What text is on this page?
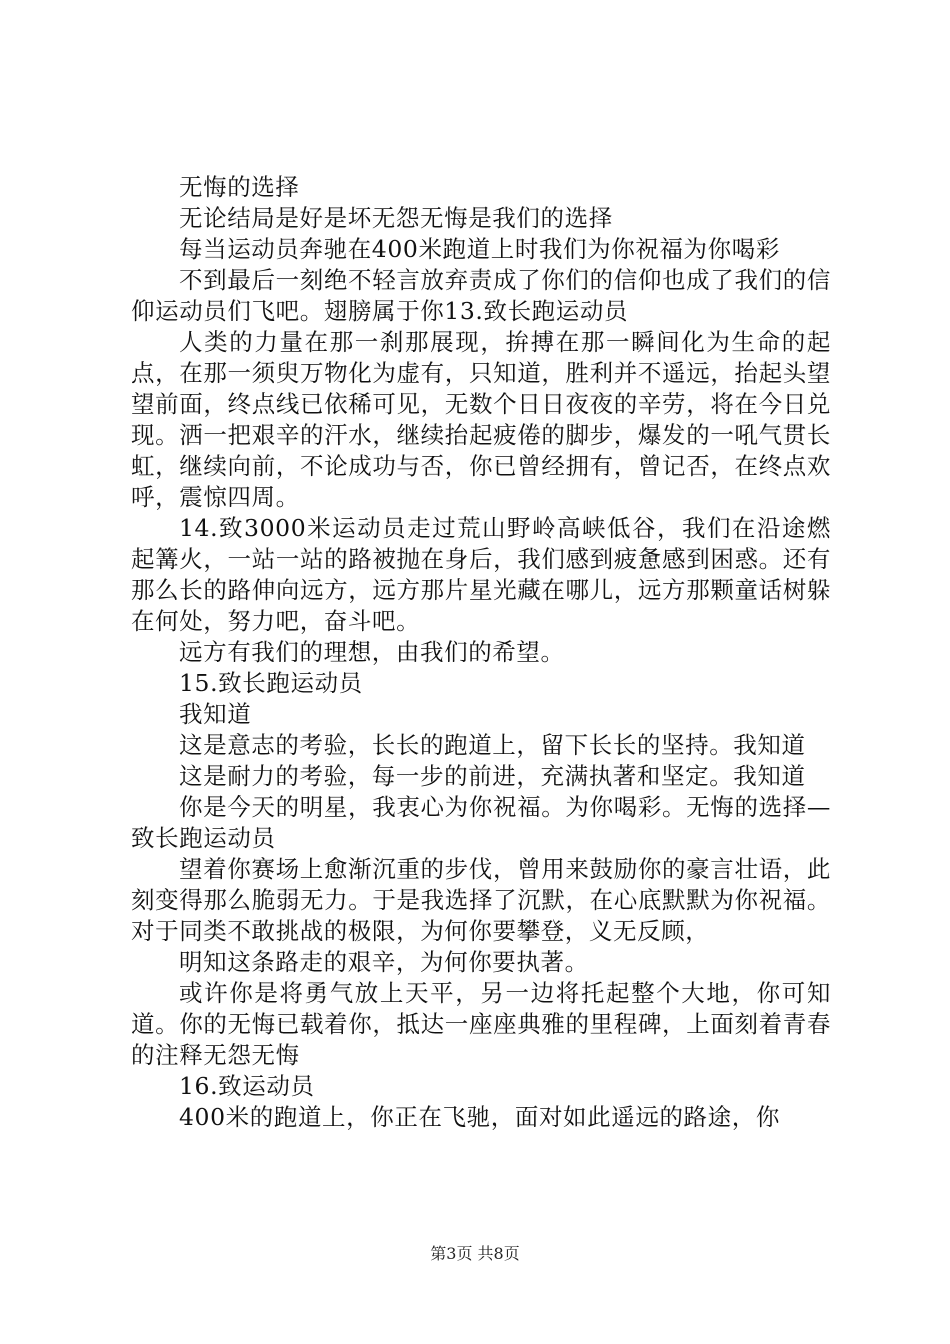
无悔的选择

无论结局是好是坏无怨无悔是我们的选择

每当运动员奔驰在400米跑道上时我们为你祝福为你喝彩

不到最后一刻绝不轻言放弃责成了你们的信仰也成了我们的信仰运动员们飞吧。翅膀属于你13.致长跑运动员

人类的力量在那一刹那展现，拚搏在那一瞬间化为生命的起点，在那一须臾万物化为虚有，只知道，胜利并不遥远，抬起头望望前面，终点线已依稀可见，无数个日日夜夜的辛劳，将在今日兑现。洒一把艰辛的汗水，继续抬起疲倦的脚步，爆发的一吼气贯长虹，继续向前，不论成功与否，你已曾经拥有，曾记否，在终点欢呼，震惊四周。

14.致3000米运动员走过荒山野岭高峡低谷，我们在沿途燃起篝火，一站一站的路被抛在身后，我们感到疲惫感到困惑。还有那么长的路伸向远方，远方那片星光藏在哪儿，远方那颗童话树躲在何处，努力吧，奋斗吧。

远方有我们的理想，由我们的希望。

15.致长跑运动员

我知道

这是意志的考验，长长的跑道上，留下长长的坚持。我知道

这是耐力的考验，每一步的前进，充满执著和坚定。我知道

你是今天的明星，我衷心为你祝福。为你喝彩。无悔的选择—致长跑运动员

望着你赛场上愈渐沉重的步伐，曾用来鼓励你的豪言壮语，此刻变得那么脆弱无力。于是我选择了沉默，在心底默默为你祝福。对于同类不敢挑战的极限，为何你要攀登，义无反顾，

明知这条路走的艰辛，为何你要执著。

或许你是将勇气放上天平，另一边将托起整个大地，你可知道。你的无悔已载着你，抵达一座座典雅的里程碑，上面刻着青春的注释无怨无悔

16.致运动员

400米的跑道上，你正在飞驰，面对如此遥远的路途，你

第3页 共8页
